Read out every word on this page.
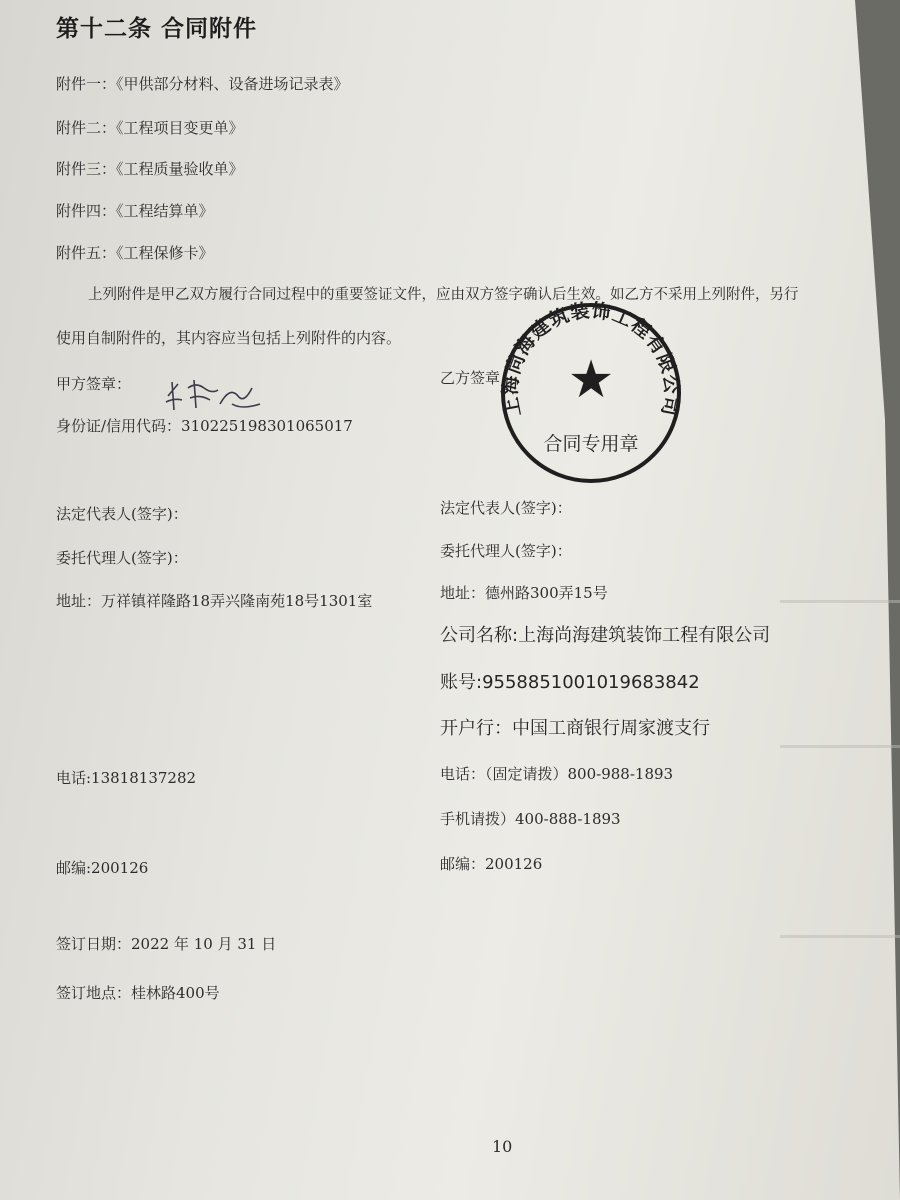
第十二条 合同附件
附件一：《甲供部分材料、设备进场记录表》
附件二：《工程项目变更单》
附件三：《工程质量验收单》
附件四：《工程结算单》
附件五：《工程保修卡》
上列附件是甲乙双方履行合同过程中的重要签证文件，应由双方签字确认后生效。如乙方不采用上列附件，另行
使用自制附件的，其内容应当包括上列附件的内容。
甲方签章：	乙方签章
身份证/信用代码：310225198301065017
上海尚海建筑装饰工程有限公司
★
合同专用章
法定代表人(签字)：	法定代表人(签字)：
委托代理人(签字)：	委托代理人(签字)：
地址：万祥镇祥隆路18弄兴隆南苑18号1301室	地址：德州路300弄15号
公司名称:上海尚海建筑装饰工程有限公司
账号:9558851001019683842
开户行：中国工商银行周家渡支行
电话:13818137282	电话：（固定请拨）800-988-1893
手机请拨）400-888-1893
邮编:200126	邮编：200126
签订日期：2022 年 10 月 31 日
签订地点：桂林路400号
10
